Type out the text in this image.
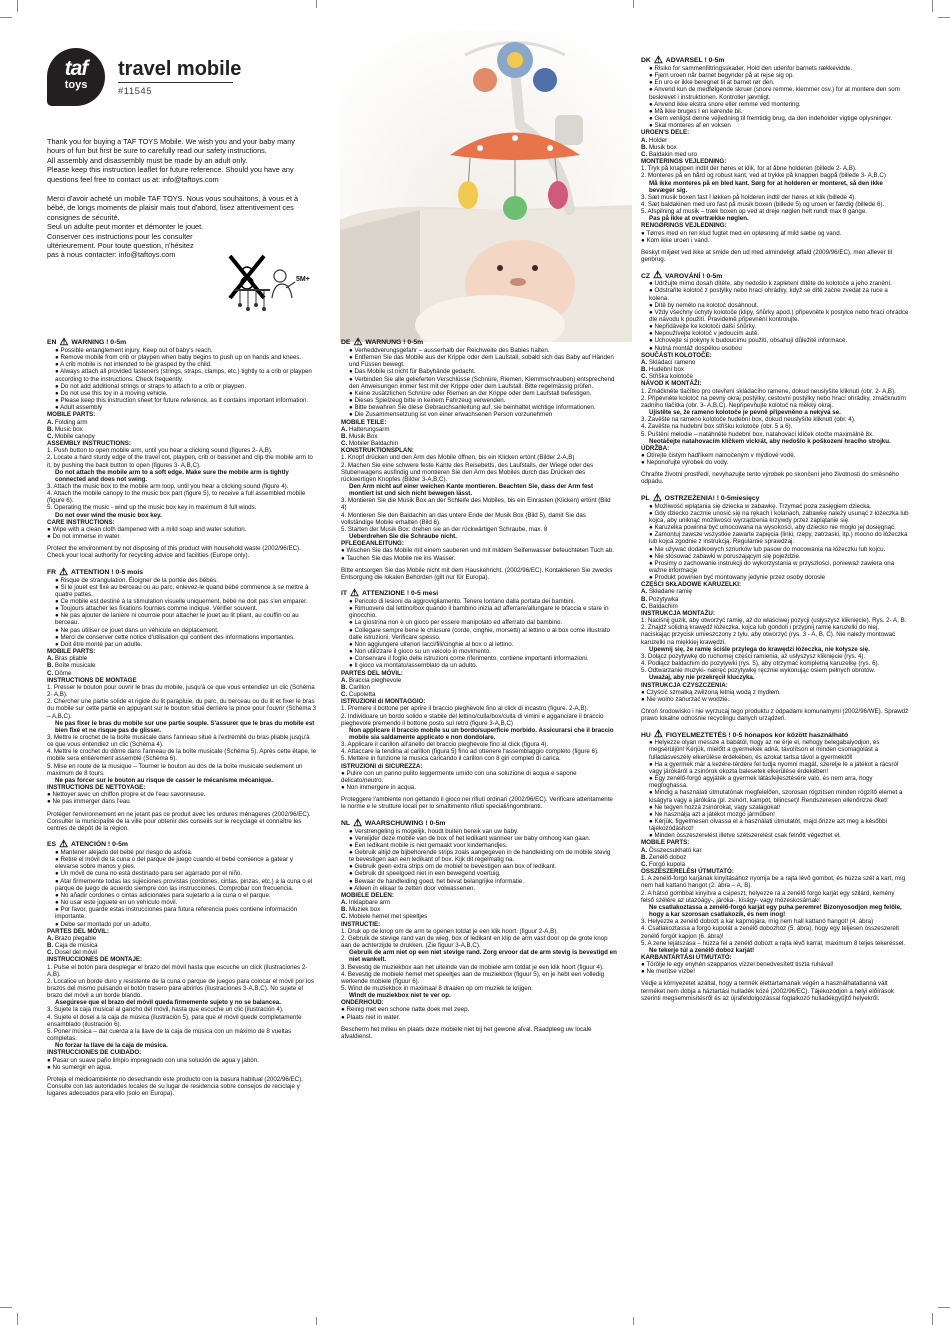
taf
toys
travel mobile
#11545
Thank you for buying a TAF TOYS Mobile. We wish you and your baby many
hours of fun but first be sure to carefully read our safety instructions.
All assembly and disassembly must be made by an adult only.
Please keep this instruction leaflet for future reference. Should you have any
questions feel free to contact us at: info@taftoys.com
Merci d'avoir acheté un mobile TAF TOYS. Nous vous souhaitons, à vous et à
bébé, de longs moments de plaisir mais tout d'abord, lisez attentivement ces
consignes de sécurité.
Seul un adulte peut monter et démonter le jouet.
Conserver ces instructions pour les consulter
ultérieurement. Pour toute question, n'hésitez
pas à nous contacter: info@taftoys.com
5M+
EN ⚠ WARNING ! 0-5m

● Possible entanglement injury. Keep out of baby's reach.

● Remove mobile from crib or playpen when baby begins to push up on hands and knees.

● A crib mobile is not intended to be grasped by the child.

● Always attach all provided fasteners (strings, straps, clamps, etc.) tightly to a crib or playpen according to the instructions. Check frequently.

● Do not add additional strings or straps to attach to a crib or playpen.

● Do not use this toy in a moving vehicle.

● Please keep this instruction sheet for future reference, as it contains important information.

● Adult assembly

MOBILE PARTS:

A. Folding arm

B. Music box

C. Mobile canopy

ASSEMBLY INSTRUCTIONS:

1. Push button to open mobile arm, until you hear a clicking sound (figures 2- A,B).

2. Locate a hard sturdy edge of the travel cot, playpen, crib or bassinet and clip the mobile arm to it, by pushing the back button to open (figures 3- A,B,C).

Do not attach the mobile arm to a soft edge. Make sure the mobile arm is tightly connected and does not swing.

3. Attach the music box to the mobile arm loop, until you hear a clicking sound (figure 4).

4. Attach the mobile canopy to the music box part (figure 5), to receive a full assembled mobile (figure 6).

5. Operating the music - wind up the music box key in maximum 8 full winds.

Do not over wind the music box key.

CARE INSTRUCTIONS:

● Wipe with a clean cloth dampened with a mild soap and water solution.

● Do not immerse in water.

Protect the environment by not disposing of this product with household waste (2002/96/EC). Check your local authority for recycling advice and facilities (Europe only).

FR ⚠ ATTENTION ! 0-5 mois

● Risque de strangulation. Éloigner de la portée des bébés.

● Si le jouet est fixé au berceau ou au parc, enlevez-le quand bébé commence à se mettre à quatre pattes.

● Ce mobile est destiné à la stimulation visuelle uniquement, bébé ne doit pas s'en emparer.

● Toujours attacher les fixations fournies comme indiqué. Vérifier souvent.

● Ne pas ajouter de lanière ni courroie pour attacher le jouet au lit pliant, au couffin ou au berceau.

● Ne pas utiliser ce jouet dans un véhicule en déplacement.

● Merci de conserver cette notice d'utilisation qui contient des informations importantes.

● Doit être monté par un adulte.

MOBILE PARTS:

A. Bras pliable

B. Boîte musicale

C. Dôme

INSTRUCTIONS DE MONTAGE

1. Presser le bouton pour ouvrir le bras du mobile, jusqu'à ce que vous entendiez un clic (Schéma 2- A,B).

2. Chercher une partie solide et rigide du lit parapluie, du parc, du berceau ou du lit et fixer le bras du mobile sur cette partie en appuyant sur le bouton situé derrière la pince pour l'ouvrir (Schéma 3 – A,B,C).

Ne pas fixer le bras du mobile sur une partie souple. S'assurer que le bras du mobile est bien fixé et ne risque pas de glisser.

3. Mettre le crochet de la boîte musicale dans l'anneau situé à l'extrémité du bras pliable jusqu'à ce que vous entendiez un clic (Schéma 4).

4. Mettre le crochet du dôme dans l'anneau de la boîte musicale (Schéma 5). Après cette étape, le mobile sera entièrement assemblé (Schéma 6).

5. Mise en route de la musique – Tourner le bouton au dos de la boîte musicale seulement un maximum de 8 tours.

Ne pas forcer sur le bouton au risque de casser le mécanisme mécanique.

INSTRUCTIONS DE NETTOYAGE:

● Nettoyer avec un chiffon propre et de l'eau savonneuse.

● Ne pas immerger dans l'eau

Protéger l'environnement en ne jetant pas ce produit avec les ordures ménageres (2002/96/EC). Consulter la municipalité de la ville pour obtenir des conseils sur le recyclage et connaître les centres de dépôt de la région.

ES ⚠ ATENCIÓN ! 0-5m

● Mantener alejado del bebé por riesgo de asfixia.

● Retire el móvil de la cuna o del parque de juego cuando el bebé comience a gatear y elevarse sobre manos y pies.

● Un móvil de cuna no está destinado para ser agarrado por el niño.

● Atar firmemente todas las sujeciones provistas (cordones, cintas, pinzas, etc.) a la cuna o el parque de juego de acuerdo siempre con las instrucciones. Comprobar con frecuencia.

● No añadir cordones o cintas adicionales para sujetarlo a la cuna o el parque.

● No usar este juguete en un vehículo móvil.

● Por favor, guarde estas instrucciones para futura referencia pues contiene información importante.

● Debe ser montado por un adulto.

PARTES DEL MÓVIL:

A. Brazo plegable

B. Caja de música

C. Dosel del móvil

INSTRUCCIONES DE MONTAJE:

1. Pulse el botón para desplegar el brazo del móvil hasta que escuche un click (ilustraciones 2-A,B).

2. Localice un borde duro y resistente de la cuna o parque de juegos para colocar el móvil por los brazos del mismo pulsando el botón trasero para abrirlos (ilustraciones 3-A,B,C). No sujete el brazo del móvil a un borde blando.

Asegúrese que el brazo del móvil queda firmemente sujeto y no se balancea.

3. Sujete la caja musical al gancho del móvil, hasta que escuche un clic (ilustración 4).

4. Sujete el dosel a la caja de música (ilustración 5), para que el móvil quede completamente ensamblado (ilustración 6).

5. Poner música – dar cuerda a la llave de la caja de música con un máximo de 8 vueltas completas.

No forzar la llave de la caja de música.

INSTRUCCIONES DE CUIDADO:

● Pasar un suave paño limpio impregnado con una solución de agua y jabón.

● No sumergir en agua.

Proteja el medioambiente no desechando este producto con la basura habitual (2002/96/EC). Consulte con las autoridades locales de su lugar de residencia sobre consejos de reciclaje y lugares adecuados para ello (solo en Europa).

DE ⚠ WARNUNG ! 0-5m

● Verheddverungsgefahr – ausserhalb der Reichweite des Babies halten.

● Entfernen Sie das Mobile aus der Krippe oder dem Laufstall, sobald sich das Baby auf Händen und Füssen bewegt.

● Das Mobile ist nicht für Babyhände gedacht.

● Verbinden Sie alle gelieferten Verschlüsse (Schnüre, Riemen, Klemmschrauben) entsprechend den Anweisungen immer fest mit der Krippe oder dem Laufstall. Bitte regelmässig prüfen.

● Keine zusätzlichen Schnüre oder Riemen an der Krippe oder dem Laufstall befestigen.

● Dieses Spielzeug bitte in keinem Fahrzeug verwenden.

● Bitte bewahren Sie diese Gebrauchsanleitung auf, sie beinhaltet wichtige Informationen.

● Die Zusammensetzung ist von einer erwachsenen Person vorzunehmen

MOBILE TEILE:

A. Halterungsarm

B. Musik Box

C. Mobiler Baldachin

KONSTRUKTIONSPLAN:

1. Knopf drücken und den Arm des Mobile öffnen, bis ein Klicken ertönt (Bilder 2-A,B)

2. Machen Sie eine schwere feste Kante des Reisebetts, des Laufstalls, der Wiege oder des Stubenwagens ausfindig und montieren Sie den Arm des Mobiles durch das Drücken des rückwertigen Knopfes (Bilder 3-A,B,C).

Den Arm nicht auf einer weichen Kante montieren. Beachten Sie, dass der Arm fest montiert ist und sich nicht bewegen lässt.

3. Montieren Sie die Musik Box an der Schleife des Mobiles, bis ein Einrasten (Klicken) ertönt (Bild 4)

4. Montieren Sie den Baldachin an das untere Ende der Musik Box (Bild 5), damit Sie das vollständige Mobile erhalten (Bild 6).

5. Starten der Musik Box: drehen sie an der rückwärtigen Schraube, max. 8

Ueberdrehen Sie die Schraube nicht.

PFLEGEANLEITUNG:

● Wischen Sie das Mobile mit einem sauberen und mit mildem Seifenwasser befeuchteten Tuch ab.

● Tauchen Sie das Mobile nie ins Wasser.

Bitte entsorgen Sie das Mobile nicht mit dem Hauskehricht. (2002/96/EC). Kontaktieren Sie zwecks Entsorgung die lokalen Behörden (gilt nur für Europa).

IT ⚠ ATTENZIONE ! 0-5 mesi

● Pericolo di lesioni da aggrovigliamento. Tenere lontano dalla portata dei bambini.

● Rimuovere dal lettino/box quando il bambino inizia ad afferrare/allungare le braccia e stare in ginocchio.

● La giostrina non è un gioco per essere manipolato ed afferrato dal bambino.

● Collegare sempre bene le chiusure (corde, cinghie, morsetti) al lettino o al box come illustrato dalle istruzioni. Verificare spesso.

● Non aggiungere ulteriori lacci/fili/cinghie al box o al lettino.

● Non utilizzare il gioco su un veicolo in movimento.

● Conservare il foglio delle istruzioni come riferimento, contiene importanti informazioni.

● Il gioco va montato/assemblato da un adulto.

PARTES DEL MÓVIL:

A. Braccia pieghevole

B. Carillon

C. Cupoletta

ISTRUZIONI di MONTAGGIO:

1. Premere il bottone per aprire il braccio pieghevole fino al click di incastro (figure. 2-A,B).

2. Individuare un bordo solido e stabile del lettino/culla/box/culla di vimini e agganciare il braccio pieghevole premendo il bottone posto sul retro (figure 3-A,B,C)

Non applicare il braccio mobile su un bordo/superficie morbido. Assicurarsi che il braccio mobile sia saldamente applicato e non dondolare.

3. Applicare il carillon all'anello del braccio pieghevole fino al click (figura 4).

4. Attaccare la tendina al carillon (figura 5) fino ad ottenere l'assemblaggio completo (figure 6).

5. Mettere in funzione la musica caricando il carillon con 8 giri completi di carica.

ISTRUZIONI di SICUREZZA:

● Pulire con un panno pulito leggermente umido con una soluzione di acqua e sapone delicato/neutro.

● Non immergere in acqua.

Proteggere l'ambiente non gettando il gioco nei rifiuti ordinari (2002/96/EC). Verificare attentamente le norme e le strutture locali per lo smaltimento rifiuti speciali/ingombranti.

NL ⚠ WAARSCHUWING ! 0-5m

● Verstrengeling is mogelijk, houdt buiten bereik van uw baby.

● Verwijder deze mobile van de box of het ledikant wanneer uw baby omhoog kan gaan.

● Een ledikant mobile is niet gemaakt voor kinderhandjes.

● Gebruik altijd de bijbehorende strips zoals aangegeven in de handleiding om de mobile stevig te bevestigen aan een ledikant of box. Kijk dit regelmatig na.

● Gebruik geen extra strips om de mobiel te bevestigen aan box of ledikant.

● Gebruik dit speelgoed niet in een bewegend voertuig.

● Bewaar de handleiding goed, het bevat belangrijke informatie.

● Alleen in elkaar te zetten door volwassenen.

MOBIELE DELEN:

A. Inklapbare arm

B. Muziek box

C. Mobiele hemel met speeltjes

INSTRUCTIE:

1. Druk op de knop om de arm te openen totdat je een klik hoort. (figuur 2-A,B).

2. Gebruik de stevige rand van de wieg, box of ledikant en klip de arm vast door op de grote knop aan de achterzijde te drukken. (Zie figuur 3-A,B,C).

Gebruik de arm niet op een niet stevige rand. Zorg ervoor dat de arm stevig is bevestigd en niet wankelt.

3. Bevestig de muziekbox aan het uiteinde van de mobiele arm totdat je een klik hoort (figuur 4).

4. Bevestig de mobiele hemel met speeltjes aan de muziekbox (figuur 5), en je hebt een volledig werkende mobiele (figuur 6).

5. Wind de muziekbox in maximaal 8 draaien op om muziek te krijgen.

Windt de muziekbox niet te ver op.

ONDERHOUD:

● Reinig met een schone natte doek met zeep.

● Plaats niet in water.

Bescherm het milieu en plaats deze mobiele niet bij het gewone afval. Raadpleeg uw locale afvaldienst.

DK ⚠ ADVARSEL ! 0-5m

● Risiko for sammenfiltringsskader. Hold den udenfor barnets rækkevidde.

● Fjern uroen når barnet begynder på at rejse sig op.

● En uro er ikke beregnet til at barnet rør den.

● Anvend kun de medfølgende skruer (snore remme, klemmer osv.) for at montere den som beskrevet i instruktionen. Kontroller jævnligt.

● Anvend ikke ekstra snore eller remme ved montering.

● Må ikke bruges I en kørende bil.

● Gem venligst denne vejledning til fremtidig brug, da den indeholder vigtige oplysninger.

● Skal monteres af en voksen

UROEN'S DELE:

A. Holder

B. Musik box

C. Baldakin med uro

MONTERINGS VEJLEDNING:

1. Tryk på knappen indtil der høres et klik, for at åbne holderen (billede 2- A,B).

2. Monteres på en hård og robust kant, ved at trykke på knappen bagpå (billede 3- A,B,C)

Må ikke monteres på en bled kant. Sørg for at holderen er monteret, så den ikke bevæger sig.

3. Sæt musik boxen fast I løkken på holderen indtil der høres et klik (billede 4).

4. Sæt baldakinen med uro fast på musik boxen (billede 5) og uroen er færdig (billede 6).

5. Afspilning af musik – træk boxen op ved at dreje nøglen helt rundt max 8 gange.

Pas på ikke at overtrække nøglen.

RENGØRINGS VEJLEDNING:

● Tørres med en ren klud fugtet med en opløsning af mild sæbe og vand.

● Kom ikke uroen i vand.

Beskyt miljøet ved ikke at smide den ud med almindeligt affald (2009/96/EC), men aflever til genbrug.

CZ ⚠ VAROVÁNÍ ! 0-5m

● Udržujte mimo dosah dítěte, aby nedošlo k zapletení dítěte do kolotoče a jeho zranění.

● Odstraňte kolotoč z postýlky nebo hrací ohrádky, když se dítě začne zvedat za ruce a kolena.

● Dítě by nemělo na kolotoč dosáhnout.

● Vždy všechny úchyty kolotoče (klipy, šňůrky apod.) připevněte k postýlce nebo hrací ohrádce dle návodu k použití. Pravidelně připevnění kontrolujte.

● Nepřidávejte ke kolotoči další šňůrky.

● Nepoužívejte kolotoč v jedoucím autě.

● Uchovejte si pokyny k budoucímu použití, obsahují důležité informace.

● Nutná montáž dospělou osobou

SOUČÁSTI KOLOTOČE:

A. Skládací rameno

B. Hudební box

C. Stříška kolotoče

NÁVOD K MONTÁŽI:

1. Zmáčkněte tlačítko pro otevření skládacího ramene, dokud neuslyšíte kliknutí (obr. 2- A,B).

2. Připevněte kolotoč na pevný okraj postýlky, cestovní postýlky nebo hrací ohrádky, zmáčknutím zadního tlačítka (obr. 3- A,B,C). Nepřipevňujte kolotoč na měkký okraj.

Ujistěte se, že rameno kolotoče je pevně připevněno a nekývá se.

3. Zavěšte na rameno kolotoče hudební box, dokud neuslyšíte kliknutí (obr. 4).

4. Zavěšte na hudební box stříšku kolotoče (obr. 5 a 6).

5. Puštění melodie – natáhněte hudební box, natahovací klíček otočte maximálně 8x.

Neotáčejte natahovacím klíčkem vickrát, aby nedošlo k poškození hracího strojku.

ÚDRŽBA:

● Otírejte čistým hadříkem namočeným v mýdlové vodě.

● Neponořujte výrobek do vody.

Chraňte životní prostředí, nevyhazujte tento výrobek po skončení jeho životnosti do směsného odpadu.

PL ⚠ OSTRZEŻENIA! ! 0-5miesięcy

● Możliwość wplątania się dziecka w zabawkę. Trzymać poza zasięgiem dziecka.

● Gdy dziecko zacznie unosić się na rękach i kolanach, zabawkę należy usunąć z łóżeczka lub kojca, aby uniknąć możliwości wyrządzenia krzywdy przez zaplątanie się.

● Karuzelka powinna być umocowana na wysokości, aby dziecko nie mogło jej dosięgnąć.

● Zamontuj zawsze wszystkie zawarte zapięcia (linki, rzepy, zatrzaski, itp.) mocno do łóżeczka lub kojca zgodnie z instrukcją. Regularnie sprawdzaj.

● Nie używać dodatkowych sznurków lub pasow do mocowania na łóżeczku lub kojcu.

● Nie stosować zabawki w poruszającym się pojeździe.

● Prosimy o zachowanie instrukcji do wykorzystania w przyszłości, ponieważ zawiera ona ważne informacje

● Produkt powinien być montowany jedynie przez osoby dorosłe

CZĘŚCI SKŁADOWE KARUZELKI:

A. Składane ramię

B. Pozytywka

C. Baldachim

INSTRUKCJA MONTAŻU:

1. Naciśnij guzik, aby otworzyć ramię, aż do właściwej pozycji (usłyszysz kliknięcie). Rys. 2- A, B.

2. Znajdź solidną krawędź łóżeczka, kojca lub gondoli i przypnij ramię karuzelki do niej, naciskając przycisk umieszczony z tyłu, aby otworzyć (rys. 3 - A, B, C). Nie należy montować karuzelki na miękkiej krawędzi.

Upewnij się, że ramię ściśle przylega do krawędzi łóżeczka, nie kołysze się.

3. Dołącz pozytywkę do ruchomej części ramienia, aż usłyszysz kliknięcie (rys. 4).

4. Podłącz baldachim do pozytywki (rys. 5), aby otrzymać kompletną karuzelkę (rys. 6).

5. Odtwarzanie muzyki- nakręć pozytywkę ręcznie wykonując osiem pełnych obrotów.

Uważaj, aby nie przekręcił kluczyka.

INSTRUKCJA CZYSZCZENIA:

● Czyścić szmatką zwilżoną letnią wodą z mydłem.

● Nie wolno zanurzać w wodzie.

Chroń środowisko i nie wyrzucaj tego produktu z odpadami komunalnymi (2002/96/WE). Sprawdź prawo lokalne odnośnie recyclingu danych urządzeń.

HU ⚠ FIGYELMEZTETÉS ! 0-5 hónapos kor között használható

● Helyezze olyan messze a babától, hogy az ne érje el, nehogy belegabalyodjon, és megsérüljön! Kérjük, mielőtt a gyermekek adná, távolítson el minden csomagolást a fulladásveszély elkerülése érdekében, és azokat tartsa távol a gyermektől!

● Ha a gyermek már a kezére-térdére fel tudja nyomni magát, szerelje le a játékot a rácsról vagy járókáról a zsinórok okozta balesetek elkerülése érdekében!

● Egy zenélő-forgó agyjáték a gyermek látásfejlesztésére való, és nem arra, hogy megfoghassa.

● Mindig a használati útmutatónak megfelelően, szorosan rögzítsen minden rögzítő elemet a kiságyra vagy a járókára (pl. zsinórt, kampót, bilincset)! Rendszeresen ellenőrizze őket!

● Ne tegyen hozzá zsinórokat, vagy szalagokat!

● Ne használja azt a játékot mozgó járműben!

● Kérjük, figyelmesen olvassa el a használati útmutatót, majd őrizze azt meg a későbbi tájékozódáshoz!

● Minden összeszerelést illetve szétszerelést csak felnőtt végezhet el.

MOBILE PARTS:

A. Összecsukható kar

B. Zenélő doboz

C. Forgó kupola

ÖSSZESZERELÉSI ÚTMUTATÓ:

1. A zenélő-forgó karjának kinyitásához nyomja be a rajta lévő gombot, és húzza szét a kart, míg nem hall kattanó hangot (2. ábra – A, B).

2. A hátsó gombbal kinyitva a csipeszt, helyezze rá a zenélő forgó karját egy szilárd, kemény felső szélére az utazóágy-, járóka-, kiságy- vagy mózeskosárnak!

Ne csatlakoztassa a zenélő-forgó karját egy puha peremre! Bizonyosodjon meg felőle, hogy a kar szorosan csatlakozik, és nem inog!

3. Helyezze a zenélő dobozt a kar kapmójára, míg nem hall kattanó hangot! (4. ábra)

4. Csatlakoztassa a forgó kupolát a zenélő dobozhoz (5. ábra), hogy egy teljesen összeszerelt zenélő forgót kapjon (6. ábra)!

5. A zene lejátszása – húzza fel a zenélő dobozt a rajta lévő karral, maximum 8 teljes tekeréssel.

Ne tekerje túl a zenélő doboz karját!

KARBANTARTÁSI ÚTMUTATÓ:

● Törölje le egy enyhén szappanos vízzel benedvesített tiszta ruhával!

● Ne merítse vízbe!

Védje a környezetet azáltal, hogy a termék élettartamának végén a használhatatlanná vált terméket nem dobja a háztartási hulladék közé (2002/96/EC). Tájékozódjon a helyi előírások szerinti megsemmisítésről és az újrafeldolgozással foglalkozó hulladékgyűjtő helyekről.
